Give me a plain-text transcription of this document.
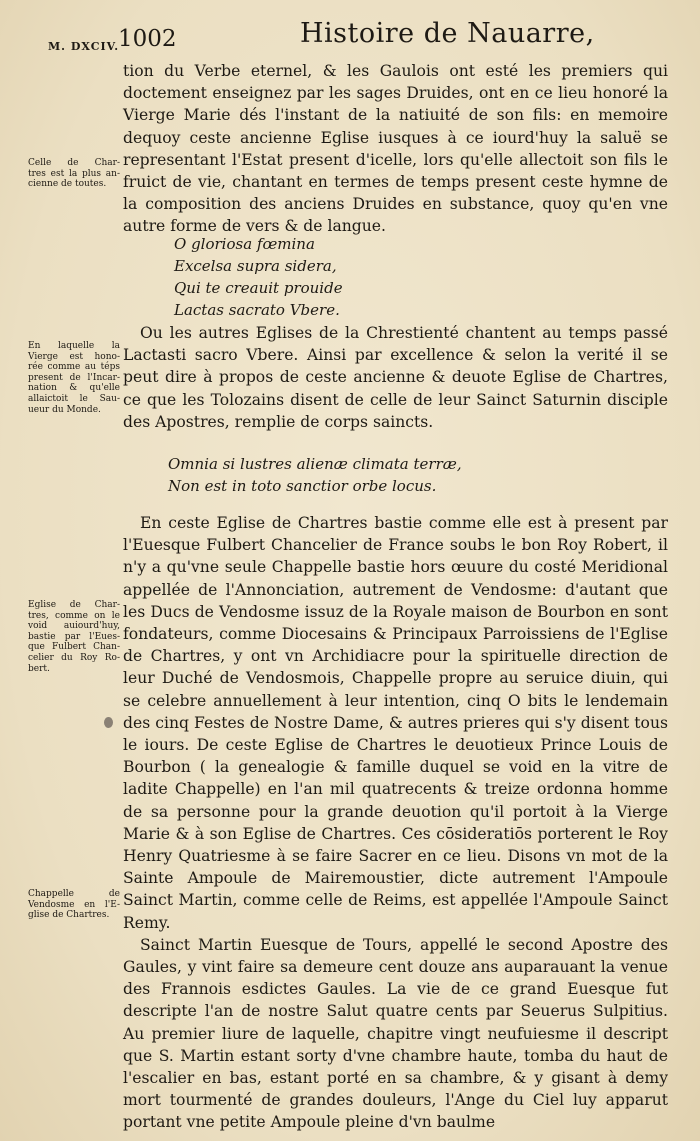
M. DXCIV.
1002	Histoire de Nauarre,
tion du Verbe eternel, & les Gaulois ont esté les premiers qui doctement enseignez par les sages Druides, ont en ce lieu honoré la Vierge Marie dés l'instant de la natiuité de son fils: en memoire dequoy ceste ancienne Eglise iusques à ce iourd'huy la saluë se representant l'Estat present d'icelle, lors qu'elle allectoit son fils le fruict de vie, chantant en termes de temps present ceste hymne de la composition des anciens Druides en substance, quoy qu'en vne autre forme de vers & de langue.
O gloriosa fœmina
Excelsa supra sidera,
Qui te creauit prouide
Lactas sacrato Vbere.

Ou les autres Eglises de la Chrestienté chantent au temps passé Lactasti sacro Vbere. Ainsi par excellence & selon la verité il se peut dire à propos de ceste ancienne & deuote Eglise de Chartres, ce que les Tolozains disent de celle de leur Sainct Saturnin disciple des Apostres, remplie de corps saincts.

Omnia si lustres alienæ climata terræ,
Non est in toto sanctior orbe locus.

En ceste Eglise de Chartres bastie comme elle est à present par l'Euesque Fulbert Chancelier de France soubs le bon Roy Robert, il n'y a qu'vne seule Chappelle bastie hors œuure du costé Meridional appellée de l'Annonciation, autrement de Vendosme: d'autant que les Ducs de Vendosme issuz de la Royale maison de Bourbon en sont fondateurs, comme Diocesains & Principaux Parroissiens de l'Eglise de Chartres, y ont vn Archidiacre pour la spirituelle direction de leur Duché de Vendosmois, Chappelle propre au seruice diuin, qui se celebre annuellement à leur intention, cinq O bits le lendemain des cinq Festes de Nostre Dame, & autres prieres qui s'y disent tous le iours. De ceste Eglise de Chartres le deuotieux Prince Louis de Bourbon ( la genealogie & famille duquel se void en la vitre de ladite Chappelle) en l'an mil quatrecents & treize ordonna homme de sa personne pour la grande deuotion qu'il portoit à la Vierge Marie & à son Eglise de Chartres. Ces cōsideratiōs porterent le Roy Henry Quatriesme à se faire Sacrer en ce lieu. Disons vn mot de la Sainte Ampoule de Mairemoustier, dicte autrement l'Ampoule Sainct Martin, comme celle de Reims, est appellée l'Ampoule Sainct Remy.

Sainct Martin Euesque de Tours, appellé le second Apostre des Gaules, y vint faire sa demeure cent douze ans auparauant la venue des Frannois esdictes Gaules. La vie de ce grand Euesque fut descripte l'an de nostre Salut quatre cents par Seuerus Sulpitius. Au premier liure de laquelle, chapitre vingt neufuiesme il descript que S. Martin estant sorty d'vne chambre haute, tomba du haut de l'escalier en bas, estant porté en sa chambre, & y gisant à demy mort tourmenté de grandes douleurs, l'Ange du Ciel luy apparut portant vne petite Ampoule pleine d'vn baulme

Celle de Char-
tres est la plus an-
cienne de toutes.
En laquelle la
Vierge est hono-
rée comme au téps
present de l'Incar-
nation & qu'elle
allaictoit le Sau-
ueur du Monde.
Eglise de Char-
tres, comme on le
void auiourd'huy,
bastie par l'Eues-
que Fulbert Chan-
celier du Roy Ro-
bert.
Chappelle de
Vendosme en l'E-
glise de Chartres.
